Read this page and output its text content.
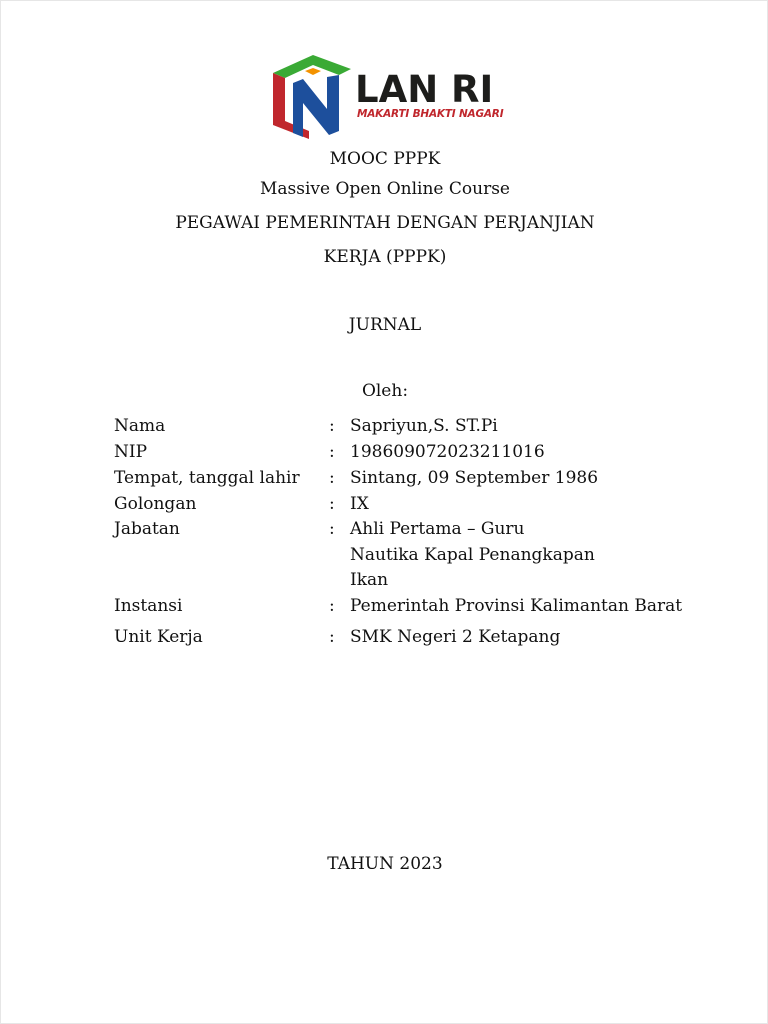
LAN RI
MAKARTI BHAKTI NAGARI
MOOC PPPK
Massive Open Online Course
PEGAWAI PEMERINTAH DENGAN PERJANJIAN
KERJA (PPPK)
JURNAL
Oleh:
Nama	: Sapriyun,S. ST.Pi
NIP	: 198609072023211016
Tempat, tanggal lahir : Sintang, 09 September 1986
Golongan	: IX
Jabatan	: Ahli Pertama – Guru
Nautika Kapal Penangkapan
Ikan
Instansi	: Pemerintah Provinsi Kalimantan Barat
Unit Kerja	: SMK Negeri 2 Ketapang
TAHUN 2023
